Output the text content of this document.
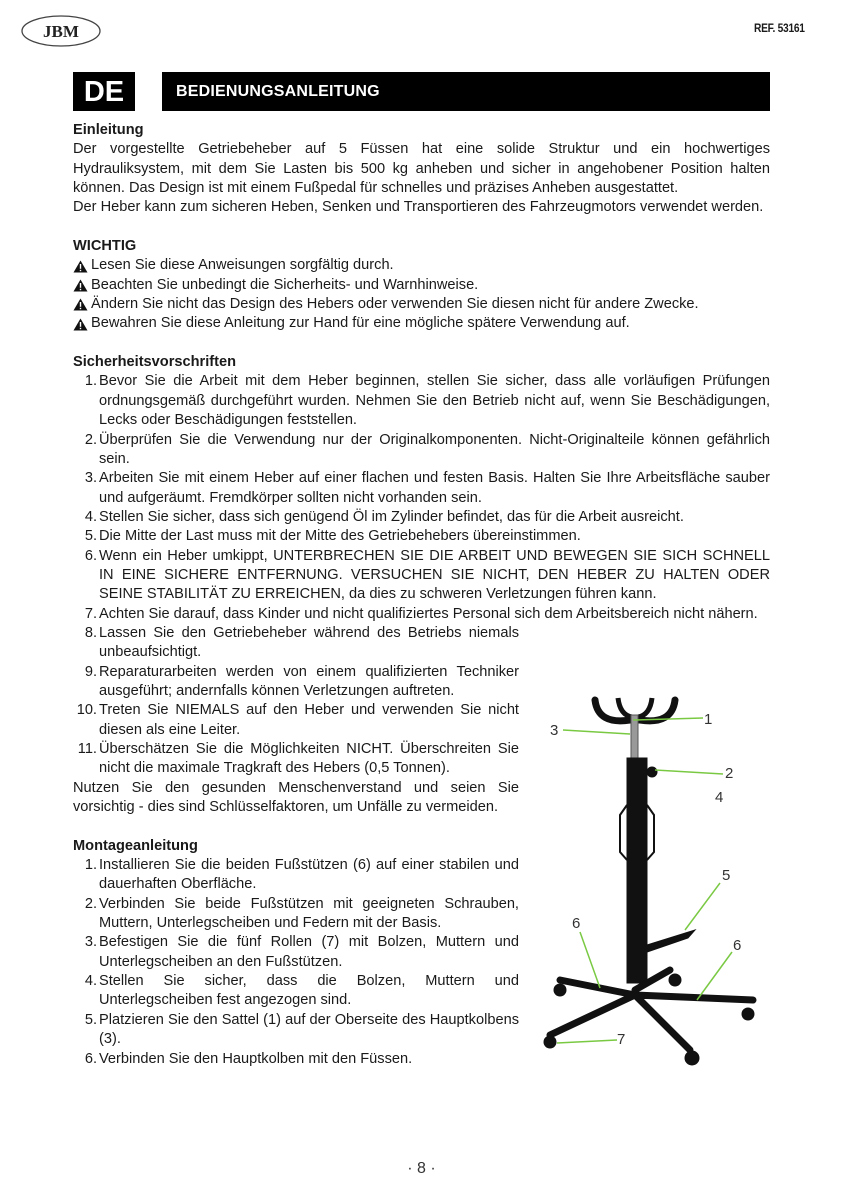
JBM	REF. 53161
DE	BEDIENUNGSANLEITUNG
Einleitung

Der vorgestellte Getriebeheber auf 5 Füssen hat eine solide Struktur und ein hochwertiges Hydrauliksystem, mit dem Sie Lasten bis 500 kg anheben und sicher in angehobener Position halten können. Das Design ist mit einem Fußpedal für schnelles und präzises Anheben ausgestattet.

Der Heber kann zum sicheren Heben, Senken und Transportieren des Fahrzeugmotors verwendet werden.

WICHTIG
Lesen Sie diese Anweisungen sorgfältig durch.
Beachten Sie unbedingt die Sicherheits- und Warnhinweise.
Ändern Sie nicht das Design des Hebers oder verwenden Sie diesen nicht für andere Zwecke.
Bewahren Sie diese Anleitung zur Hand für eine mögliche spätere Verwendung auf.
Sicherheitsvorschriften
1. Bevor Sie die Arbeit mit dem Heber beginnen, stellen Sie sicher, dass alle vorläufigen Prüfungen ordnungsgemäß durchgeführt wurden. Nehmen Sie den Betrieb nicht auf, wenn Sie Beschädigungen, Lecks oder Beschädigungen feststellen.
2. Überprüfen Sie die Verwendung nur der Originalkomponenten. Nicht-Originalteile können gefährlich sein.
3. Arbeiten Sie mit einem Heber auf einer flachen und festen Basis. Halten Sie Ihre Arbeitsfläche sauber und aufgeräumt. Fremdkörper sollten nicht vorhanden sein.
4. Stellen Sie sicher, dass sich genügend Öl im Zylinder befindet, das für die Arbeit ausreicht.
5. Die Mitte der Last muss mit der Mitte des Getriebehebers übereinstimmen.
6. Wenn ein Heber umkippt, UNTERBRECHEN SIE DIE ARBEIT UND BEWEGEN SIE SICH SCHNELL IN EINE SICHERE ENTFERNUNG. VERSUCHEN SIE NICHT, DEN HEBER ZU HALTEN ODER SEINE STABILITÄT ZU ERREICHEN, da dies zu schweren Verletzungen führen kann.
7. Achten Sie darauf, dass Kinder und nicht qualifiziertes Personal sich dem Arbeitsbereich nicht nähern.
8. Lassen Sie den Getriebeheber während des Betriebs niemals unbeaufsichtigt.
9. Reparaturarbeiten werden von einem qualifizierten Techniker ausgeführt; andernfalls können Verletzungen auftreten.
10. Treten Sie NIEMALS auf den Heber und verwenden Sie nicht diesen als eine Leiter.
11. Überschätzen Sie die Möglichkeiten NICHT. Überschreiten Sie nicht die maximale Tragkraft des Hebers (0,5 Tonnen).

Nutzen Sie den gesunden Menschenverstand und seien Sie vorsichtig - dies sind Schlüsselfaktoren, um Unfälle zu vermeiden.

Montageanleitung
1. Installieren Sie die beiden Fußstützen (6) auf einer stabilen und dauerhaften Oberfläche.
2. Verbinden Sie beide Fußstützen mit geeigneten Schrauben, Muttern, Unterlegscheiben und Federn mit der Basis.
3. Befestigen Sie die fünf Rollen (7) mit Bolzen, Muttern und Unterlegscheiben an den Fußstützen.
4. Stellen Sie sicher, dass die Bolzen, Muttern und Unterlegscheiben fest angezogen sind.
5. Platzieren Sie den Sattel (1) auf der Oberseite des Hauptkolbens (3).
6. Verbinden Sie den Hauptkolben mit den Füssen.
1
2
3
4
5
6
6
7
· 8 ·
